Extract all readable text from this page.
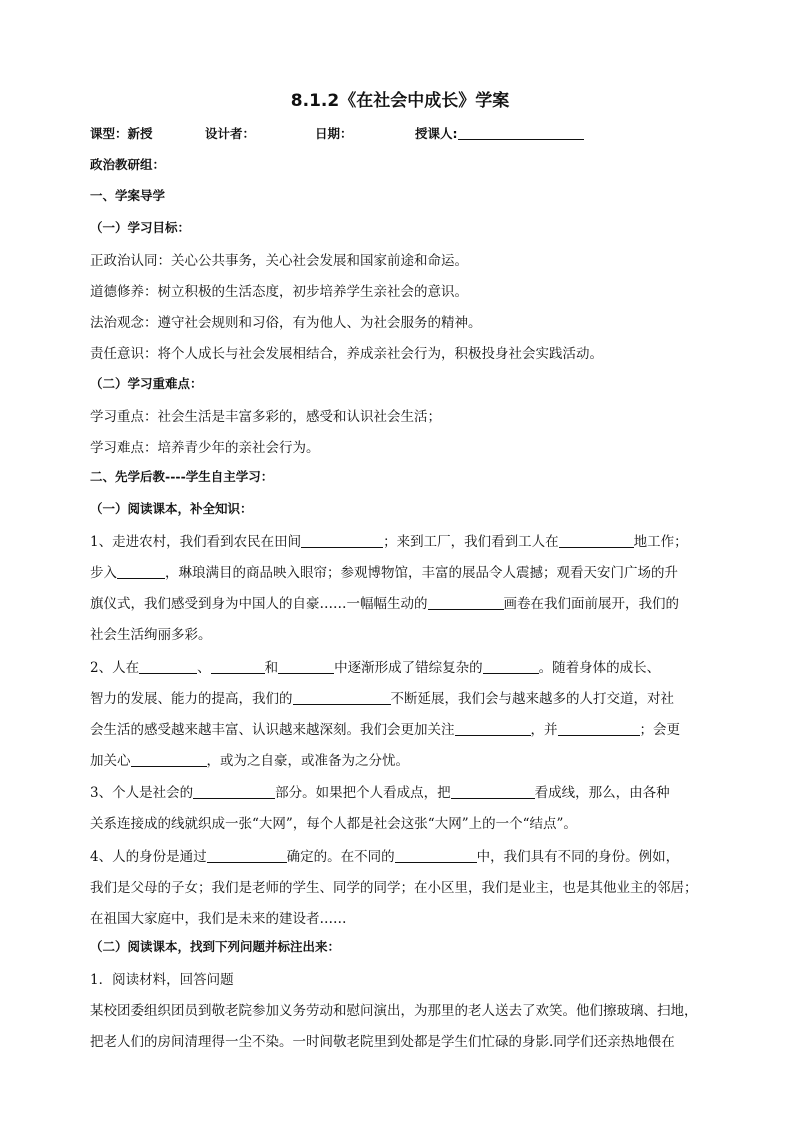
8.1.2《在社会中成长》学案
课型：新授	设计者：	日期：	授课人:
政治教研组：
一、学案导学
（一）学习目标：
正政治认同：关心公共事务，关心社会发展和国家前途和命运。
道德修养：树立积极的生活态度，初步培养学生亲社会的意识。
法治观念：遵守社会规则和习俗，有为他人、为社会服务的精神。
责任意识：将个人成长与社会发展相结合，养成亲社会行为，积极投身社会实践活动。
（二）学习重难点：
学习重点：社会生活是丰富多彩的，感受和认识社会生活；
学习难点：培养青少年的亲社会行为。
二、先学后教----学生自主学习：
（一）阅读课本，补全知识：
1、走进农村，我们看到农民在田间	；来到工厂，我们看到工人在	地工作；
步入	，琳琅满目的商品映入眼帘；参观博物馆，丰富的展品令人震撼；观看天安门广场的升
旗仪式，我们感受到身为中国人的自豪……一幅幅生动的	画卷在我们面前展开，我们的
社会生活绚丽多彩。
2、人在	、	和	中逐渐形成了错综复杂的	。随着身体的成长、
智力的发展、能力的提高，我们的	不断延展，我们会与越来越多的人打交道，对社
会生活的感受越来越丰富、认识越来越深刻。我们会更加关注	，并	；会更
加关心	，或为之自豪，或准备为之分忧。
3、个人是社会的	部分。如果把个人看成点，把	看成线，那么，由各种
关系连接成的线就织成一张“大网”，每个人都是社会这张“大网”上的一个“结点”。
4、人的身份是通过	确定的。在不同的	中，我们具有不同的身份。例如，
我们是父母的子女；我们是老师的学生、同学的同学；在小区里，我们是业主，也是其他业主的邻居；
在祖国大家庭中，我们是未来的建设者……
（二）阅读课本，找到下列问题并标注出来：
1．阅读材料，回答问题
某校团委组织团员到敬老院参加义务劳动和慰问演出，为那里的老人送去了欢笑。他们擦玻璃、扫地，
把老人们的房间清理得一尘不染。一时间敬老院里到处都是学生们忙碌的身影.同学们还亲热地偎在
